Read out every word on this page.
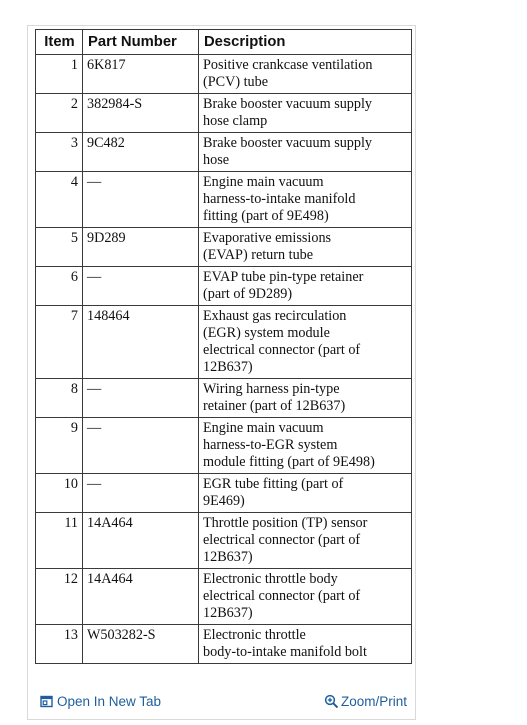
Item	Part Number	Description
1	6K817	Positive crankcase ventilation
(PCV) tube

2	382984-S	Brake booster vacuum supply
hose clamp

3	9C482	Brake booster vacuum supply
hose

4	—	Engine main vacuum
harness-to-intake manifold
fitting (part of 9E498)

5	9D289	Evaporative emissions
(EVAP) return tube

6	—	EVAP tube pin-type retainer
(part of 9D289)

7	148464	Exhaust gas recirculation
(EGR) system module
electrical connector (part of
12B637)

8	—	Wiring harness pin-type
retainer (part of 12B637)

9	—	Engine main vacuum
harness-to-EGR system
module fitting (part of 9E498)

10	—	EGR tube fitting (part of
9E469)

11	14A464	Throttle position (TP) sensor
electrical connector (part of
12B637)

12	14A464	Electronic throttle body
electrical connector (part of
12B637)

13	W503282-S	Electronic throttle
body-to-intake manifold bolt
Open In New Tab	Zoom/Print
